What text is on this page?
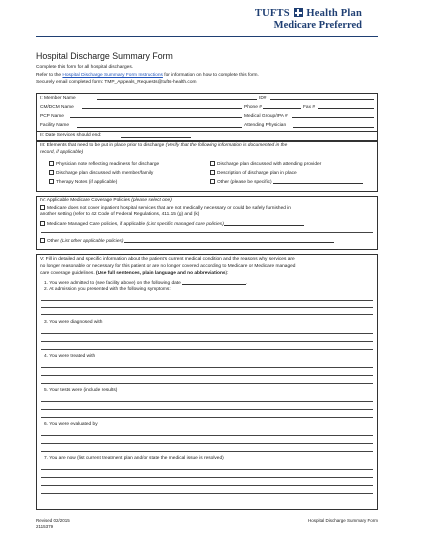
TUFTS Health Plan
Medicare Preferred
Hospital Discharge Summary Form
Complete this form for all hospital discharges.
Refer to the Hospital Discharge Summary Form Instructions for information on how to complete this form.
Securely email completed form: TMP_Appeals_Requests@tufts-health.com
I: Member Name	ID#
CM/DCM Name	Phone #	Fax #
PCP Name	Medical Group/IPA #
Facility Name	Attending Physician
II: Date Services should end:
III: Elements that need to be put in place prior to discharge (Verify that the following information is documented in the
record, if applicable)
Physician note reflecting readiness for discharge	Discharge plan discussed with attending provider
Discharge plan discussed with member/family	Description of discharge plan in place
Therapy Notes (if applicable)	Other (please be specific)
IV: Applicable Medicare Coverage Policies (please select one)
Medicare does not cover inpatient hospital services that are not medically necessary or could be safely furnished in
another setting (refer to 42 Code of Federal Regulations, 411.15 (g) and (k)
Medicare Managed Care policies, if applicable (List specific managed care policies)
Other (List other applicable policies)
V: Fill in detailed and specific information about the patient’s current medical condition and the reasons why services are
no longer reasonable or necessary for this patient or are no longer covered according to Medicare or Medicare managed
care coverage guidelines. (Use full sentences, plain language and no abbreviations):
1. You were admitted to (see facility above) on the following date	.
2. At admission you presented with the following symptoms:
3. You were diagnosed with
4. You were treated with
5. Your tests were (include results)
6. You were evaluated by
7. You are now (list current treatment plan and/or state the medical issue is resolved)
Revised 02/2015
2115379
Hospital Discharge Summary Form
